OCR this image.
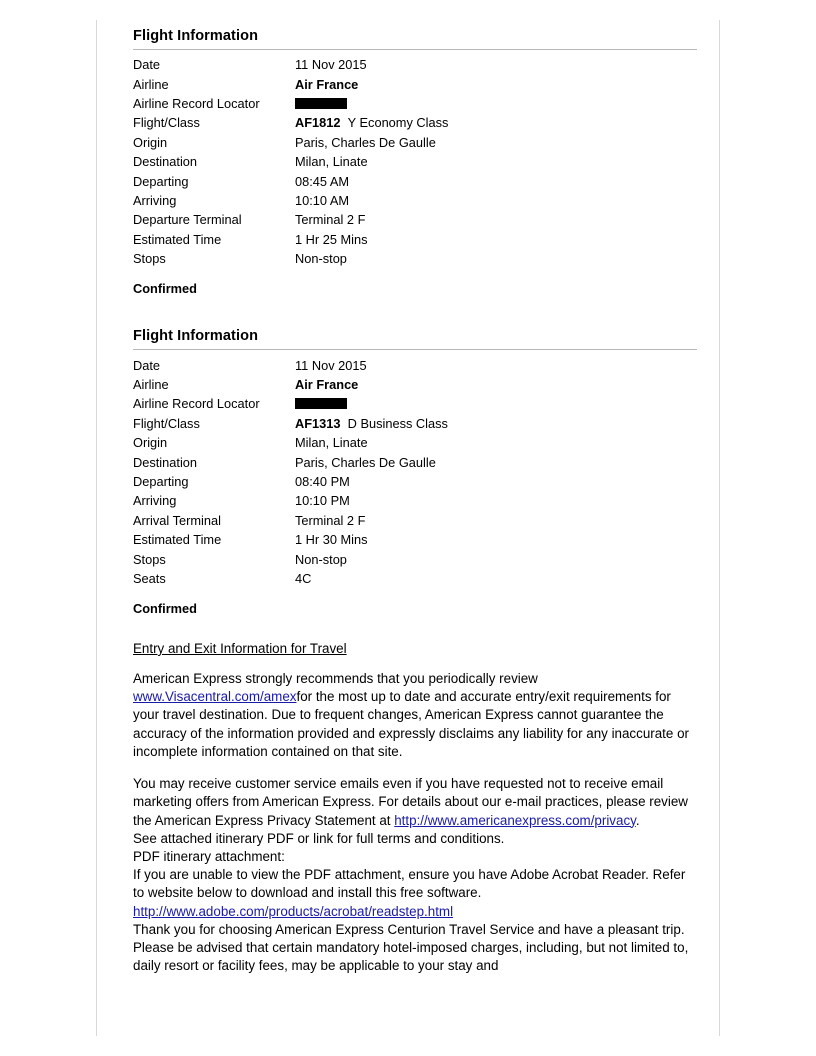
Flight Information
Date	11 Nov 2015
Airline	Air France
Airline Record Locator	
Flight/Class	AF1812 Y Economy Class
Origin	Paris, Charles De Gaulle
Destination	Milan, Linate
Departing	08:45 AM
Arriving	10:10 AM
Departure Terminal	Terminal 2 F
Estimated Time	1 Hr 25 Mins
Stops	Non-stop
Confirmed
Flight Information
Date	11 Nov 2015
Airline	Air France
Airline Record Locator	
Flight/Class	AF1313 D Business Class
Origin	Milan, Linate
Destination	Paris, Charles De Gaulle
Departing	08:40 PM
Arriving	10:10 PM
Arrival Terminal	Terminal 2 F
Estimated Time	1 Hr 30 Mins
Stops	Non-stop
Seats	4C
Confirmed
Entry and Exit Information for Travel

American Express strongly recommends that you periodically review www.Visacentral.com/amexfor the most up to date and accurate entry/exit requirements for your travel destination. Due to frequent changes, American Express cannot guarantee the accuracy of the information provided and expressly disclaims any liability for any inaccurate or incomplete information contained on that site.

You may receive customer service emails even if you have requested not to receive email marketing offers from American Express. For details about our e-mail practices, please review the American Express Privacy Statement at http://www.americanexpress.com/privacy.

See attached itinerary PDF or link for full terms and conditions.

PDF itinerary attachment:

If you are unable to view the PDF attachment, ensure you have Adobe Acrobat Reader. Refer to website below to download and install this free software.

http://www.adobe.com/products/acrobat/readstep.html

Thank you for choosing American Express Centurion Travel Service and have a pleasant trip.

Please be advised that certain mandatory hotel-imposed charges, including, but not limited to, daily resort or facility fees, may be applicable to your stay and
